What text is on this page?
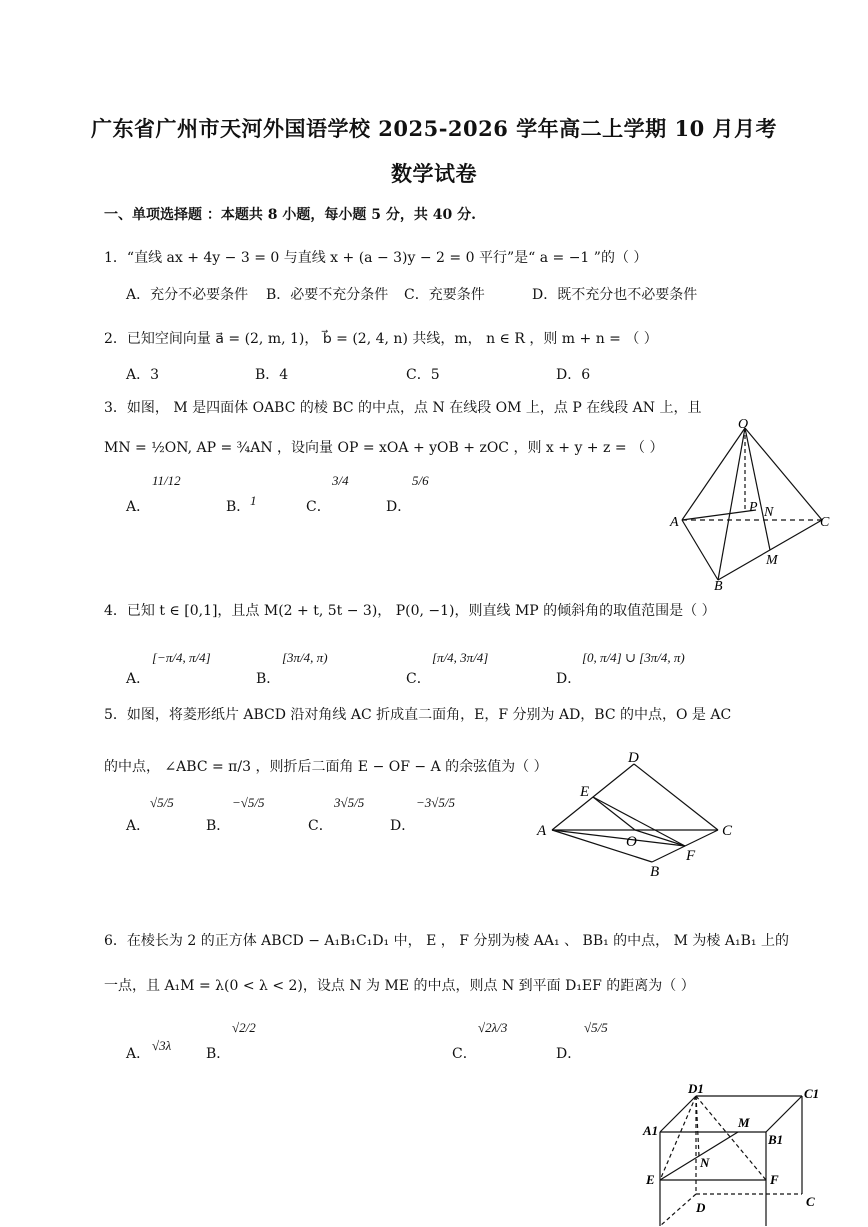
广东省广州市天河外国语学校 2025-2026 学年高二上学期 10 月月考
数学试卷
一、单项选择题 ：本题共 8 小题，每小题 5 分，共 40 分.
1．“直线 ax + 4y − 3 = 0 与直线 x + (a − 3)y − 2 = 0 平行”是“ a = −1 ”的（ ）
A．充分不必要条件 B．必要不充分条件 C．充要条件	D．既不充分也不必要条件
2．已知空间向量 a⃗ = (2, m, 1)， b⃗ = (2, 4, n) 共线，m， n ∈ R ，则 m + n = （ ）
A．3	B．4	C．5	D．6
3．如图， M 是四面体 OABC 的棱 BC 的中点，点 N 在线段 OM 上，点 P 在线段 AN 上，且
MN = ½ON, AP = ¾AN ，设向量 OP = xOA + yOB + zOC ，则 x + y + z = （ ）
A．
11/12
B． 1	C．
3/4
D．
5/6
O
A
B
C
M
N
P
4．已知 t ∈ [0,1]，且点 M(2 + t, 5t − 3)， P(0, −1)，则直线 MP 的倾斜角的取值范围是（ ）
A．
[−π/4, π/4]
B．
[3π/4, π)
C．
[π/4, 3π/4]
D．
[0, π/4] ∪ [3π/4, π)
5．如图，将菱形纸片 ABCD 沿对角线 AC 折成直二面角，E，F 分别为 AD，BC 的中点，O 是 AC
的中点， ∠ABC = π/3 ，则折后二面角 E − OF − A 的余弦值为（ ）
A．
√5/5
B．
−√5/5
C．
3√5/5
D．
−3√5/5
D
E
A
O
C
F
B
6．在棱长为 2 的正方体 ABCD − A₁B₁C₁D₁ 中， E ， F 分别为棱 AA₁ 、 BB₁ 的中点， M 为棱 A₁B₁ 上的
一点，且 A₁M = λ(0 < λ < 2)，设点 N 为 ME 的中点，则点 N 到平面 D₁EF 的距离为（ ）
A．
√3λ
B．
√2/2
C．
√2λ/3
D．
√5/5
D1	C1
A1
M
B1
N
E	F
D	C
